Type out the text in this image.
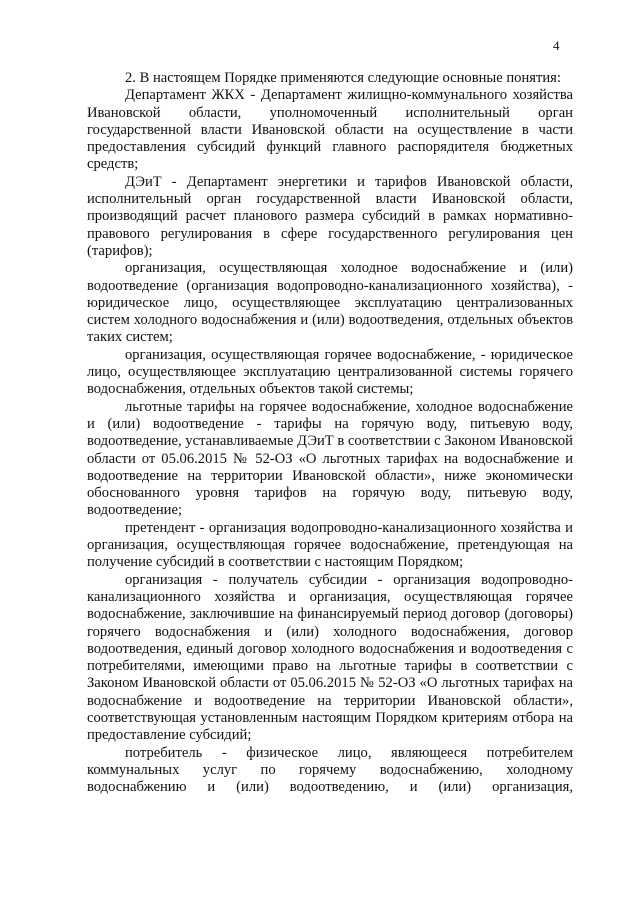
4

2. В настоящем Порядке применяются следующие основные понятия:

Департамент ЖКХ - Департамент жилищно-коммунального хозяйства Ивановской области, уполномоченный исполнительный орган государственной власти Ивановской области на осуществление в части предоставления субсидий функций главного распорядителя бюджетных средств;

ДЭиТ - Департамент энергетики и тарифов Ивановской области, исполнительный орган государственной власти Ивановской области, производящий расчет планового размера субсидий в рамках нормативно-правового регулирования в сфере государственного регулирования цен (тарифов);

организация, осуществляющая холодное водоснабжение и (или) водоотведение (организация водопроводно-канализационного хозяйства), - юридическое лицо, осуществляющее эксплуатацию централизованных систем холодного водоснабжения и (или) водоотведения, отдельных объектов таких систем;

организация, осуществляющая горячее водоснабжение, - юридическое лицо, осуществляющее эксплуатацию централизованной системы горячего водоснабжения, отдельных объектов такой системы;

льготные тарифы на горячее водоснабжение, холодное водоснабжение и (или) водоотведение - тарифы на горячую воду, питьевую воду, водоотведение, устанавливаемые ДЭиТ в соответствии с Законом Ивановской области от 05.06.2015 № 52-ОЗ «О льготных тарифах на водоснабжение и водоотведение на территории Ивановской области», ниже экономически обоснованного уровня тарифов на горячую воду, питьевую воду, водоотведение;

претендент - организация водопроводно-канализационного хозяйства и организация, осуществляющая горячее водоснабжение, претендующая на получение субсидий в соответствии с настоящим Порядком;

организация - получатель субсидии - организация водопроводно-канализационного хозяйства и организация, осуществляющая горячее водоснабжение, заключившие на финансируемый период договор (договоры) горячего водоснабжения и (или) холодного водоснабжения, договор водоотведения, единый договор холодного водоснабжения и водоотведения с потребителями, имеющими право на льготные тарифы в соответствии с Законом Ивановской области от 05.06.2015 № 52-ОЗ «О льготных тарифах на водоснабжение и водоотведение на территории Ивановской области», соответствующая установленным настоящим Порядком критериям отбора на предоставление субсидий;

потребитель - физическое лицо, являющееся потребителем коммунальных услуг по горячему водоснабжению, холодному водоснабжению и (или) водоотведению, и (или) организация,
